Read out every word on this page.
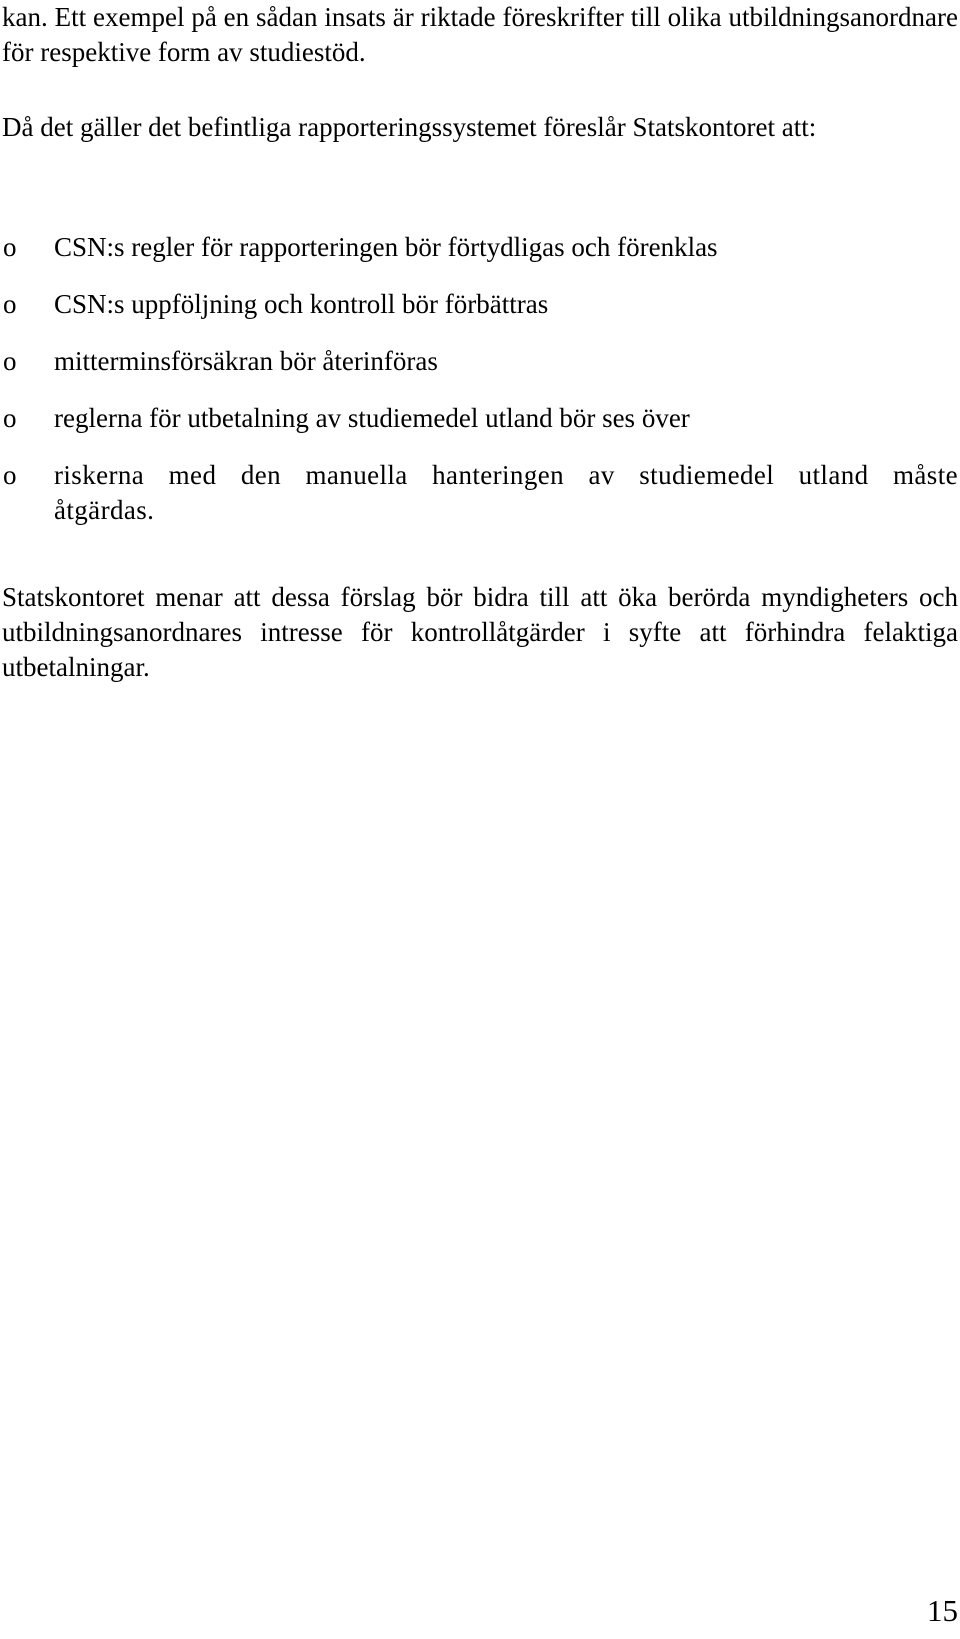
kan. Ett exempel på en sådan insats är riktade föreskrifter till olika utbildningsanordnare för respektive form av studiestöd.

Då det gäller det befintliga rapporteringssystemet föreslår Statskontoret att:

o	CSN:s regler för rapporteringen bör förtydligas och förenklas
o	CSN:s uppföljning och kontroll bör förbättras
o	mitterminsförsäkran bör återinföras
o	reglerna för utbetalning av studiemedel utland bör ses över
o	riskerna med den manuella hanteringen av studiemedel utland måste åtgärdas.

Statskontoret menar att dessa förslag bör bidra till att öka berörda myndigheters och utbildningsanordnares intresse för kontrollåtgärder i syfte att förhindra felaktiga utbetalningar.

15
